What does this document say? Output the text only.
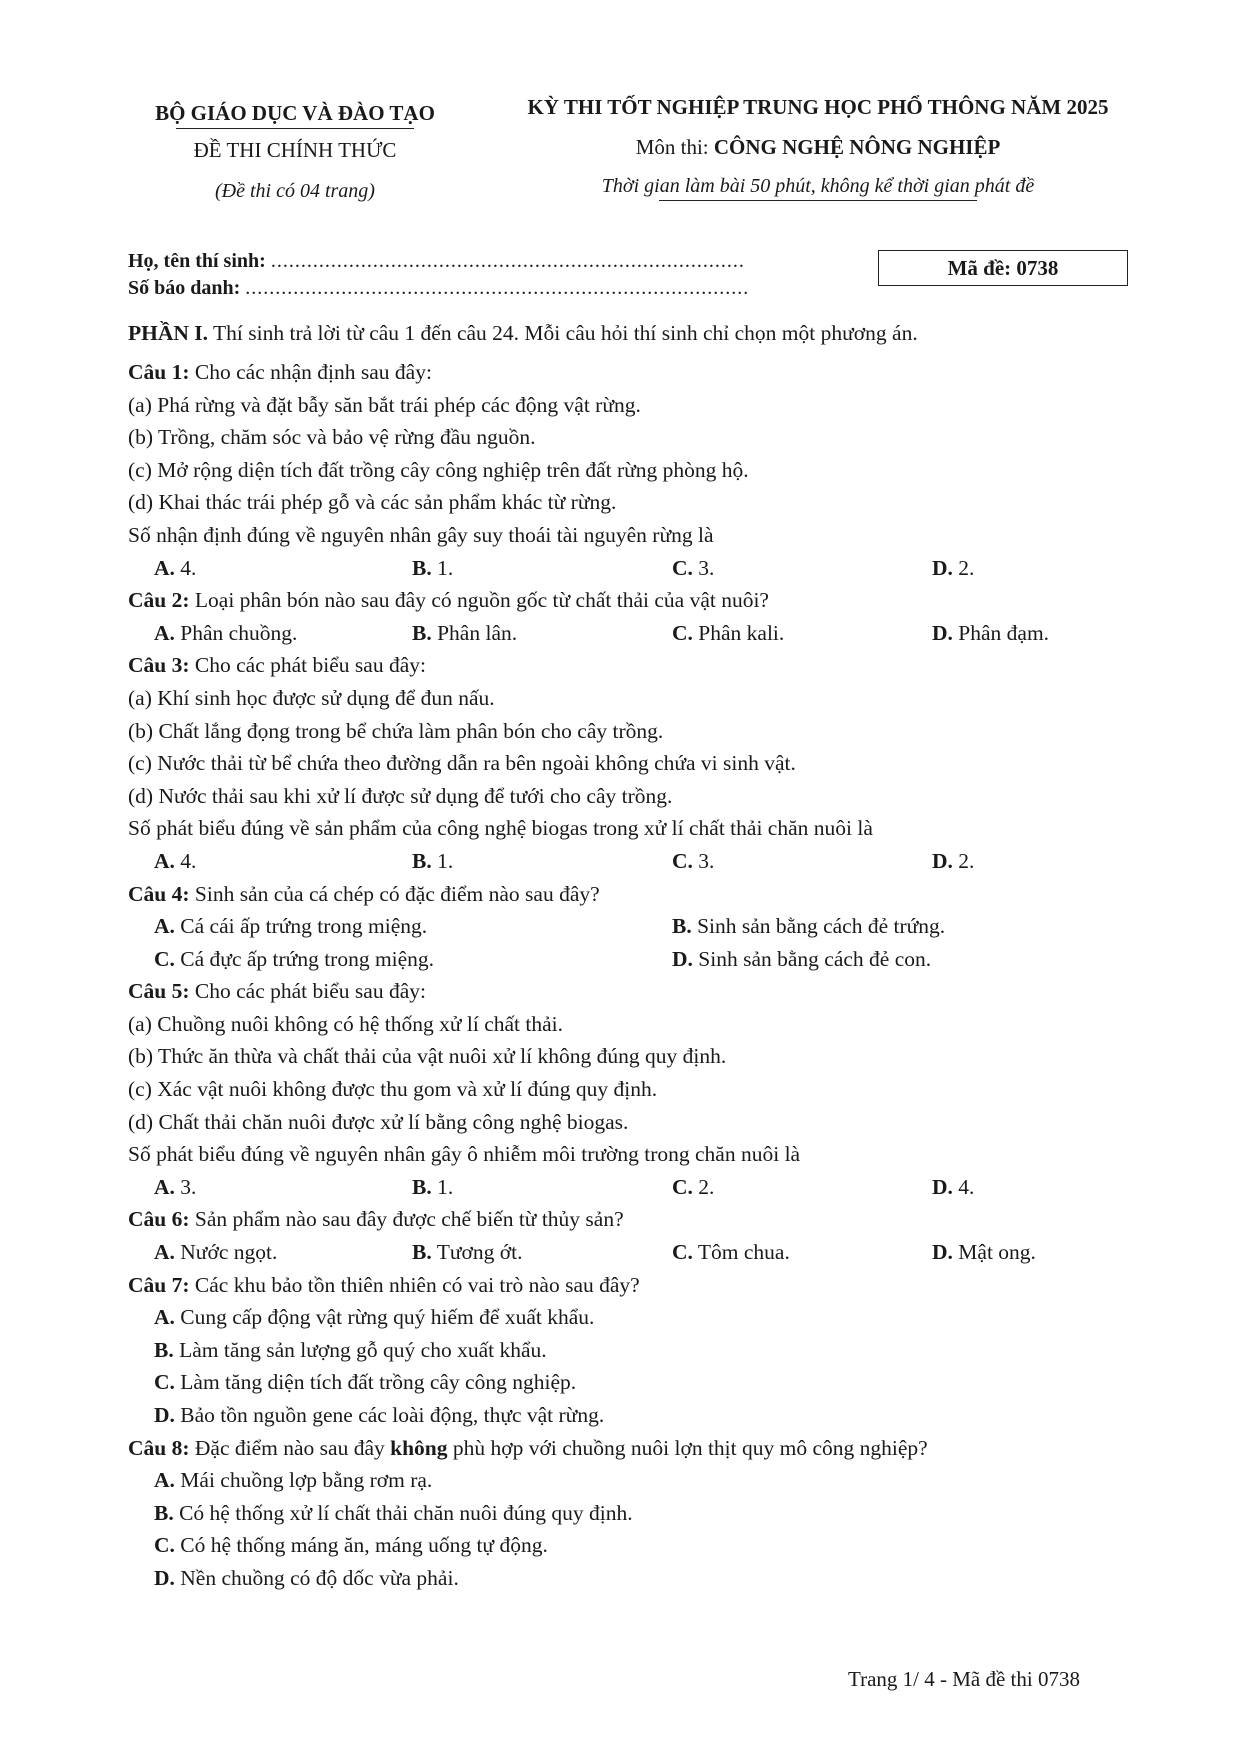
BỘ GIÁO DỤC VÀ ĐÀO TẠO
ĐỀ THI CHÍNH THỨC
(Đề thi có 04 trang)
KỲ THI TỐT NGHIỆP TRUNG HỌC PHỔ THÔNG NĂM 2025
Môn thi: CÔNG NGHỆ NÔNG NGHIỆP
Thời gian làm bài 50 phút, không kể thời gian phát đề
Họ, tên thí sinh: ...............................................................................
Số báo danh: ....................................................................................
Mã đề: 0738
PHẦN I. Thí sinh trả lời từ câu 1 đến câu 24. Mỗi câu hỏi thí sinh chỉ chọn một phương án.
Câu 1: Cho các nhận định sau đây:
(a) Phá rừng và đặt bẫy săn bắt trái phép các động vật rừng.
(b) Trồng, chăm sóc và bảo vệ rừng đầu nguồn.
(c) Mở rộng diện tích đất trồng cây công nghiệp trên đất rừng phòng hộ.
(d) Khai thác trái phép gỗ và các sản phẩm khác từ rừng.
Số nhận định đúng về nguyên nhân gây suy thoái tài nguyên rừng là
A. 4.	B. 1.	C. 3.	D. 2.
Câu 2: Loại phân bón nào sau đây có nguồn gốc từ chất thải của vật nuôi?
A. Phân chuồng.	B. Phân lân.	C. Phân kali.	D. Phân đạm.
Câu 3: Cho các phát biểu sau đây:
(a) Khí sinh học được sử dụng để đun nấu.
(b) Chất lắng đọng trong bể chứa làm phân bón cho cây trồng.
(c) Nước thải từ bể chứa theo đường dẫn ra bên ngoài không chứa vi sinh vật.
(d) Nước thải sau khi xử lí được sử dụng để tưới cho cây trồng.
Số phát biểu đúng về sản phẩm của công nghệ biogas trong xử lí chất thải chăn nuôi là
A. 4.	B. 1.	C. 3.	D. 2.
Câu 4: Sinh sản của cá chép có đặc điểm nào sau đây?
A. Cá cái ấp trứng trong miệng.	B. Sinh sản bằng cách đẻ trứng.
C. Cá đực ấp trứng trong miệng.	D. Sinh sản bằng cách đẻ con.
Câu 5: Cho các phát biểu sau đây:
(a) Chuồng nuôi không có hệ thống xử lí chất thải.
(b) Thức ăn thừa và chất thải của vật nuôi xử lí không đúng quy định.
(c) Xác vật nuôi không được thu gom và xử lí đúng quy định.
(d) Chất thải chăn nuôi được xử lí bằng công nghệ biogas.
Số phát biểu đúng về nguyên nhân gây ô nhiễm môi trường trong chăn nuôi là
A. 3.	B. 1.	C. 2.	D. 4.
Câu 6: Sản phẩm nào sau đây được chế biến từ thủy sản?
A. Nước ngọt.	B. Tương ớt.	C. Tôm chua.	D. Mật ong.
Câu 7: Các khu bảo tồn thiên nhiên có vai trò nào sau đây?
A. Cung cấp động vật rừng quý hiếm để xuất khẩu.
B. Làm tăng sản lượng gỗ quý cho xuất khẩu.
C. Làm tăng diện tích đất trồng cây công nghiệp.
D. Bảo tồn nguồn gene các loài động, thực vật rừng.
Câu 8: Đặc điểm nào sau đây không phù hợp với chuồng nuôi lợn thịt quy mô công nghiệp?
A. Mái chuồng lợp bằng rơm rạ.
B. Có hệ thống xử lí chất thải chăn nuôi đúng quy định.
C. Có hệ thống máng ăn, máng uống tự động.
D. Nền chuồng có độ dốc vừa phải.
Trang 1/ 4 - Mã đề thi 0738
